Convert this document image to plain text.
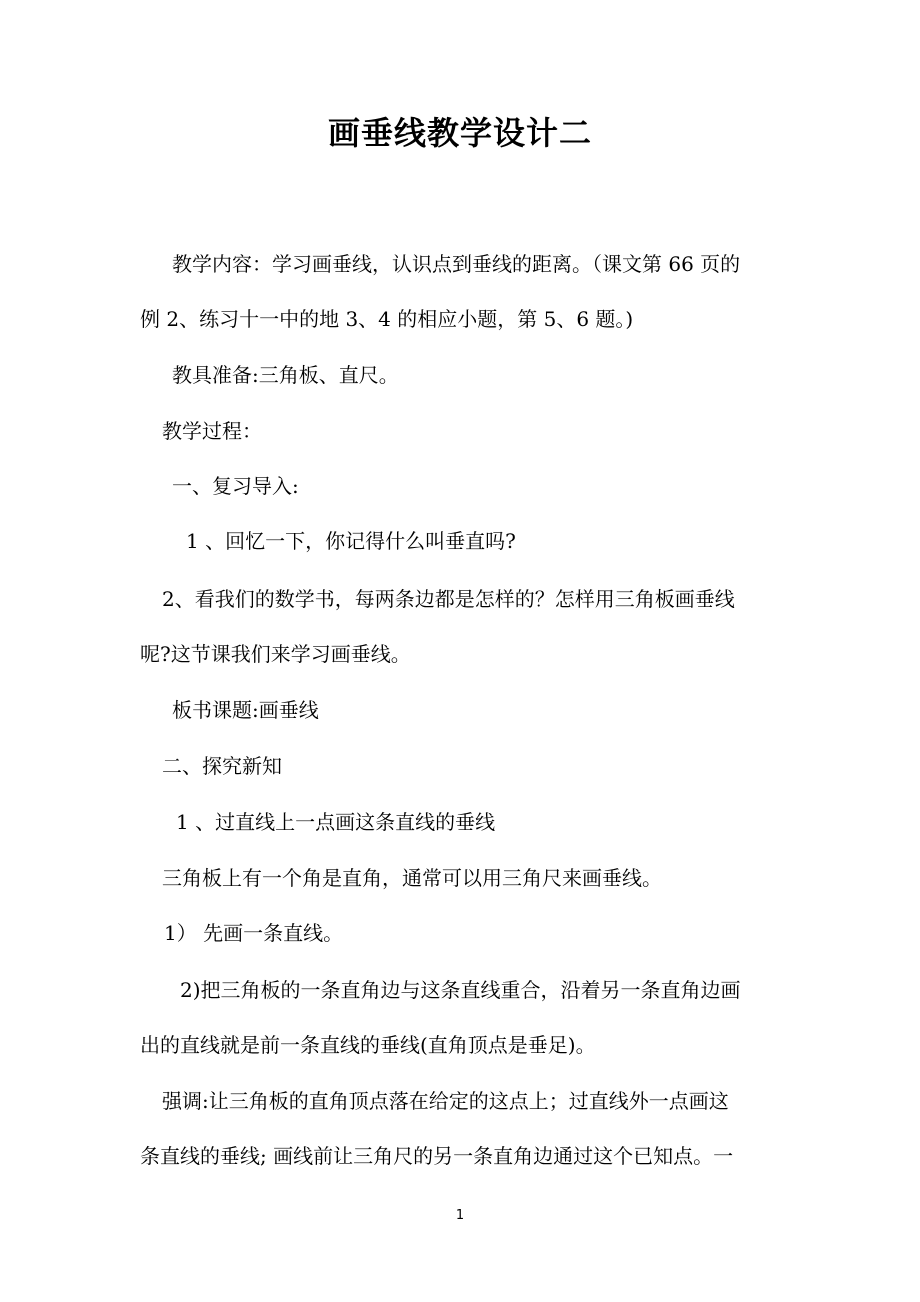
画垂线教学设计二
教学内容：学习画垂线，认识点到垂线的距离。（课文第 66 页的
例 2、练习十一中的地 3、4 的相应小题，第 5、6 题。)
教具准备:三角板、直尺。
教学过程：
一、复习导入:
1 、回忆一下，你记得什么叫垂直吗?
2、看我们的数学书，每两条边都是怎样的？怎样用三角板画垂线
呢?这节课我们来学习画垂线。
板书课题:画垂线
二、探究新知
1 、过直线上一点画这条直线的垂线
三角板上有一个角是直角，通常可以用三角尺来画垂线。
1） 先画一条直线。
2)把三角板的一条直角边与这条直线重合，沿着另一条直角边画
出的直线就是前一条直线的垂线(直角顶点是垂足)。
强调:让三角板的直角顶点落在给定的这点上；过直线外一点画这
条直线的垂线; 画线前让三角尺的另一条直角边通过这个已知点。一
1
